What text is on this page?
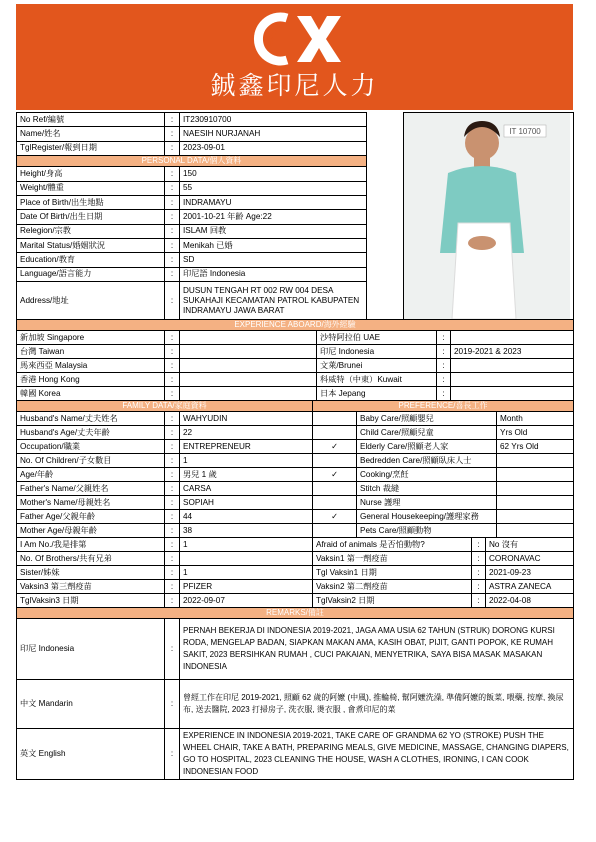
鋮鑫印尼人力
No Ref/編號	:	IT230910700		IT 10700

Name/姓名	:	NAESIH NURJANAH		
TglRegister/報到日期	:	2023-09-01		
PERSONAL DATA/個人資料				
Height/身高	:	150		
Weight/體重	:	55		
Place of Birth/出生地點	:	INDRAMAYU		
Date Of Birth/出生日期	:	2001-10-21 年齡 Age:22		
Relegion/宗教	:	ISLAM 回教		
Marital Status/婚姻狀況	:	Menikah 已婚		
Education/教育	:	SD		
Language/語言能力	:	印尼語 Indonesia		
Address/地址	:	DUSUN TENGAH RT 002 RW 004 DESA SUKAHAJI KECAMATAN PATROL KABUPATEN INDRAMAYU JAWA BARAT		
EXPERIENCE ABOARD/海外經驗					
新加坡 Singapore	:		沙特阿拉伯 UAE	:	
台灣 Taiwan	:		印尼 Indonesia	:	2019-2021 & 2023
馬來西亞 Malaysia	:		文萊/Brunei	:	
香港 Hong Kong	:		科威特（中東）Kuwait	:	
韓國 Korea	:		日本 Jepang	:	
FAMILY DATA/家庭資料			PREFERENCE/喜長工作		
Husband's Name/丈夫姓名	:	WAHYUDIN		Baby Care/照顧嬰兒	Month
Husband's Age/丈夫年齡	:	22		Child Care/照顧兒童	Yrs Old
Occupation/職業	:	ENTREPRENEUR	✓	Elderly Care/照顧老人家	62 Yrs Old
No. Of Children/子女數目	:	1		Bedredden Care/照顧臥床人士	
Age/年齡	:	男兒 1 歲	✓	Cooking/烹飪	
Father's Name/父親姓名	:	CARSA		Stitch 裁縫	
Mother's Name/母親姓名	:	SOPIAH		Nurse 護理	
Father Age/父親年齡	:	44	✓	General Housekeeping/護理家務	
Mother Age/母親年齡	:	38		Pets Care/照顧動物	
I Am No./我是排第	:	1	Afraid of animals 是否怕動物?	:	No 沒有
No. Of Brothers/共有兄弟	:		Vaksin1 第一劑疫苗	:	CORONAVAC
Sister/姊妹	:	1	Tgl Vaksin1 日期	:	2021-09-23
Vaksin3 第三劑疫苗	:	PFIZER	Vaksin2 第二劑疫苗	:	ASTRA ZANECA
TglVaksin3 日期	:	2022-09-07	TglVaksin2 日期	:	2022-04-08
REMARKS/備註		
印尼 Indonesia	:	PERNAH BEKERJA DI INDONESIA 2019-2021, JAGA AMA USIA 62 TAHUN (STRUK) DORONG KURSI RODA, MENGELAP BADAN, SIAPKAN MAKAN AMA, KASIH OBAT, PIJIT, GANTI POPOK, KE RUMAH SAKIT, 2023 BERSIHKAN RUMAH , CUCI PAKAIAN, MENYETRIKA, SAYA BISA MASAK MASAKAN INDONESIA
中文 Mandarin	:	曾經工作在印尼 2019-2021, 照顧 62 歲的阿嬤 (中風), 推輪椅, 幫阿嬤洗澡, 準備阿嬤的飯菜, 喂藥, 按摩, 換尿布, 送去醫院, 2023 打掃房子, 洗衣服, 燙衣服 , 會煮印尼的菜
英文 English	:	EXPERIENCE IN INDONESIA 2019-2021, TAKE CARE OF GRANDMA 62 YO (STROKE) PUSH THE WHEEL CHAIR, TAKE A BATH, PREPARING MEALS, GIVE MEDICINE, MASSAGE, CHANGING DIAPERS, GO TO HOSPITAL, 2023 CLEANING THE HOUSE, WASH A CLOTHES, IRONING, I CAN COOK INDONESIAN FOOD
